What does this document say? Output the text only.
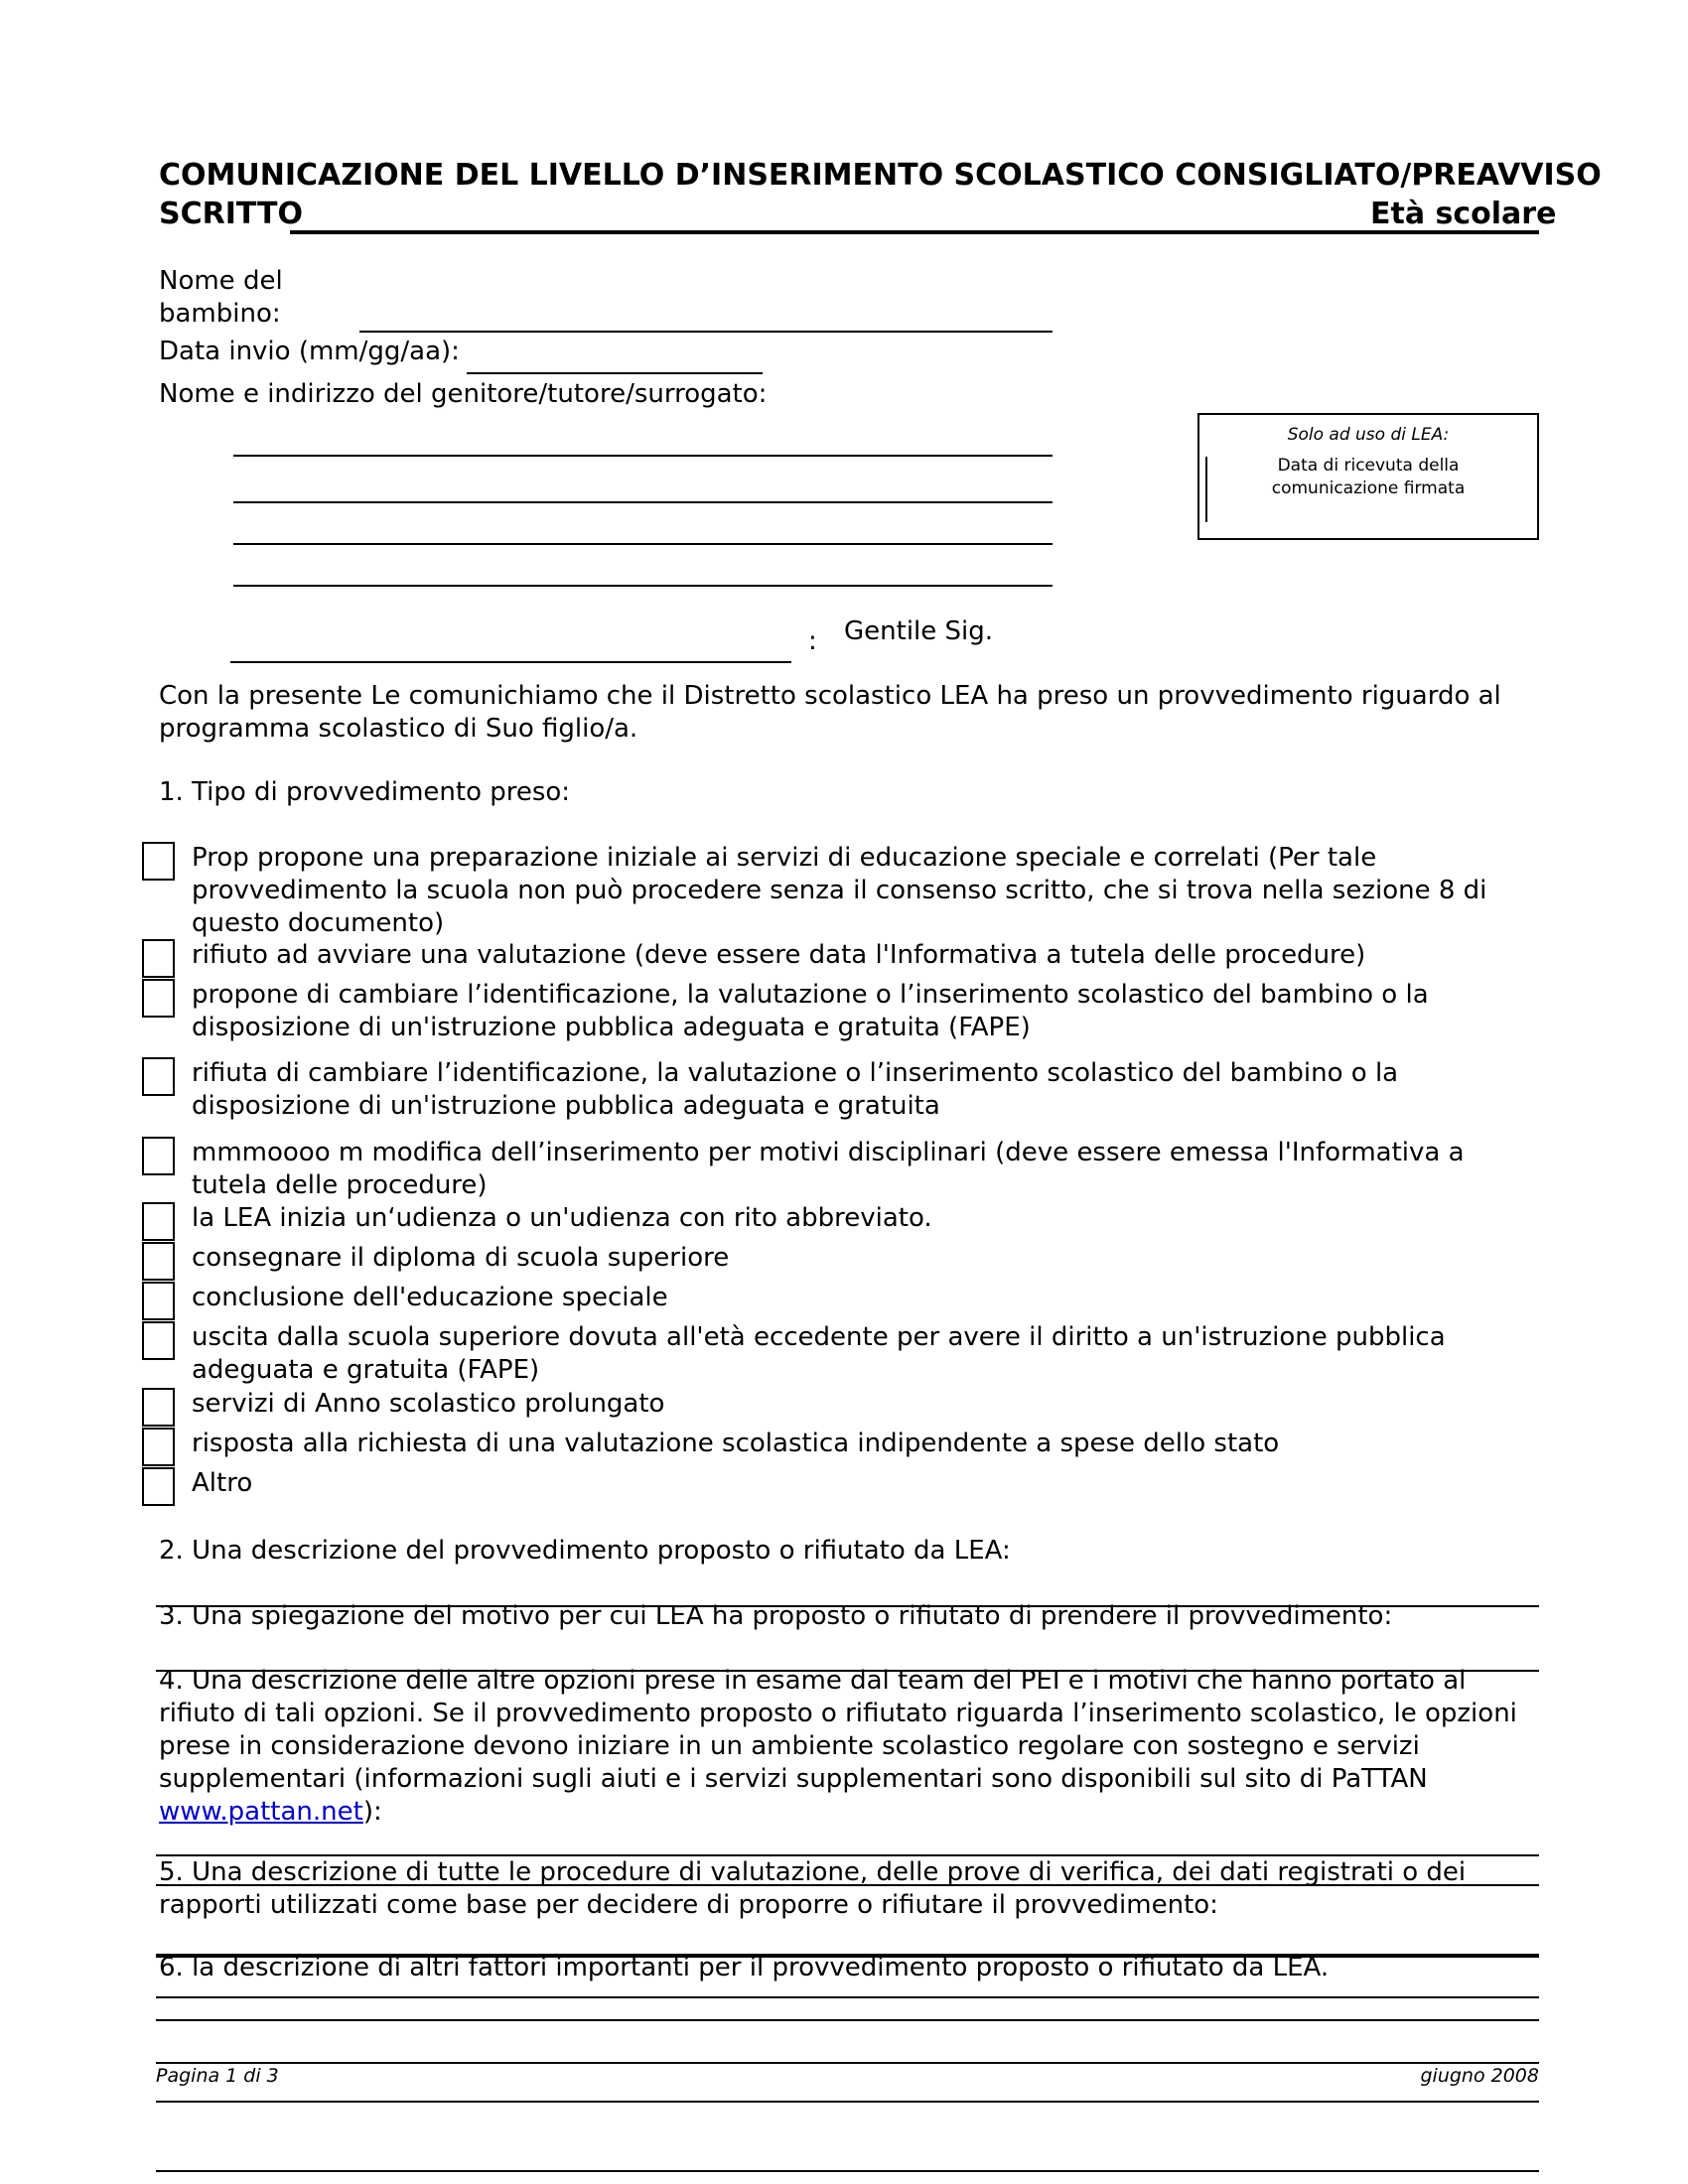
COMUNICAZIONE DEL LIVELLO D’INSERIMENTO SCOLASTICO CONSIGLIATO/PREAVVISO
SCRITTO	Età scolare
Nome del
bambino:
Data invio (mm/gg/aa):
Nome e indirizzo del genitore/tutore/surrogato:
Solo ad uso di LEA:
Data di ricevuta della
comunicazione firmata
: Gentile Sig.
Con la presente Le comunichiamo che il Distretto scolastico LEA ha preso un provvedimento riguardo al programma scolastico di Suo figlio/a.
1. Tipo di provvedimento preso:
Prop propone una preparazione iniziale ai servizi di educazione speciale e correlati (Per tale provvedimento la scuola non può procedere senza il consenso scritto, che si trova nella sezione 8 di questo documento)
rifiuto ad avviare una valutazione (deve essere data l'Informativa a tutela delle procedure)
propone di cambiare l’identificazione, la valutazione o l’inserimento scolastico del bambino o la disposizione di un'istruzione pubblica adeguata e gratuita (FAPE)
rifiuta di cambiare l’identificazione, la valutazione o l’inserimento scolastico del bambino o la disposizione di un'istruzione pubblica adeguata e gratuita
mmmoooo m modifica dell’inserimento per motivi disciplinari (deve essere emessa l'Informativa a tutela delle procedure)
la LEA inizia un‘udienza o un'udienza con rito abbreviato.
consegnare il diploma di scuola superiore
conclusione dell'educazione speciale
uscita dalla scuola superiore dovuta all'età eccedente per avere il diritto a un'istruzione pubblica adeguata e gratuita (FAPE)
servizi di Anno scolastico prolungato
risposta alla richiesta di una valutazione scolastica indipendente a spese dello stato
Altro
2. Una descrizione del provvedimento proposto o rifiutato da LEA:
3. Una spiegazione del motivo per cui LEA ha proposto o rifiutato di prendere il provvedimento:
4. Una descrizione delle altre opzioni prese in esame dal team del PEI e i motivi che hanno portato al rifiuto di tali opzioni. Se il provvedimento proposto o rifiutato riguarda l’inserimento scolastico, le opzioni prese in considerazione devono iniziare in un ambiente scolastico regolare con sostegno e servizi supplementari (informazioni sugli aiuti e i servizi supplementari sono disponibili sul sito di PaTTAN www.pattan.net):
5. Una descrizione di tutte le procedure di valutazione, delle prove di verifica, dei dati registrati o dei rapporti utilizzati come base per decidere di proporre o rifiutare il provvedimento:
6. la descrizione di altri fattori importanti per il provvedimento proposto o rifiutato da LEA.
Pagina 1 di 3	giugno 2008
